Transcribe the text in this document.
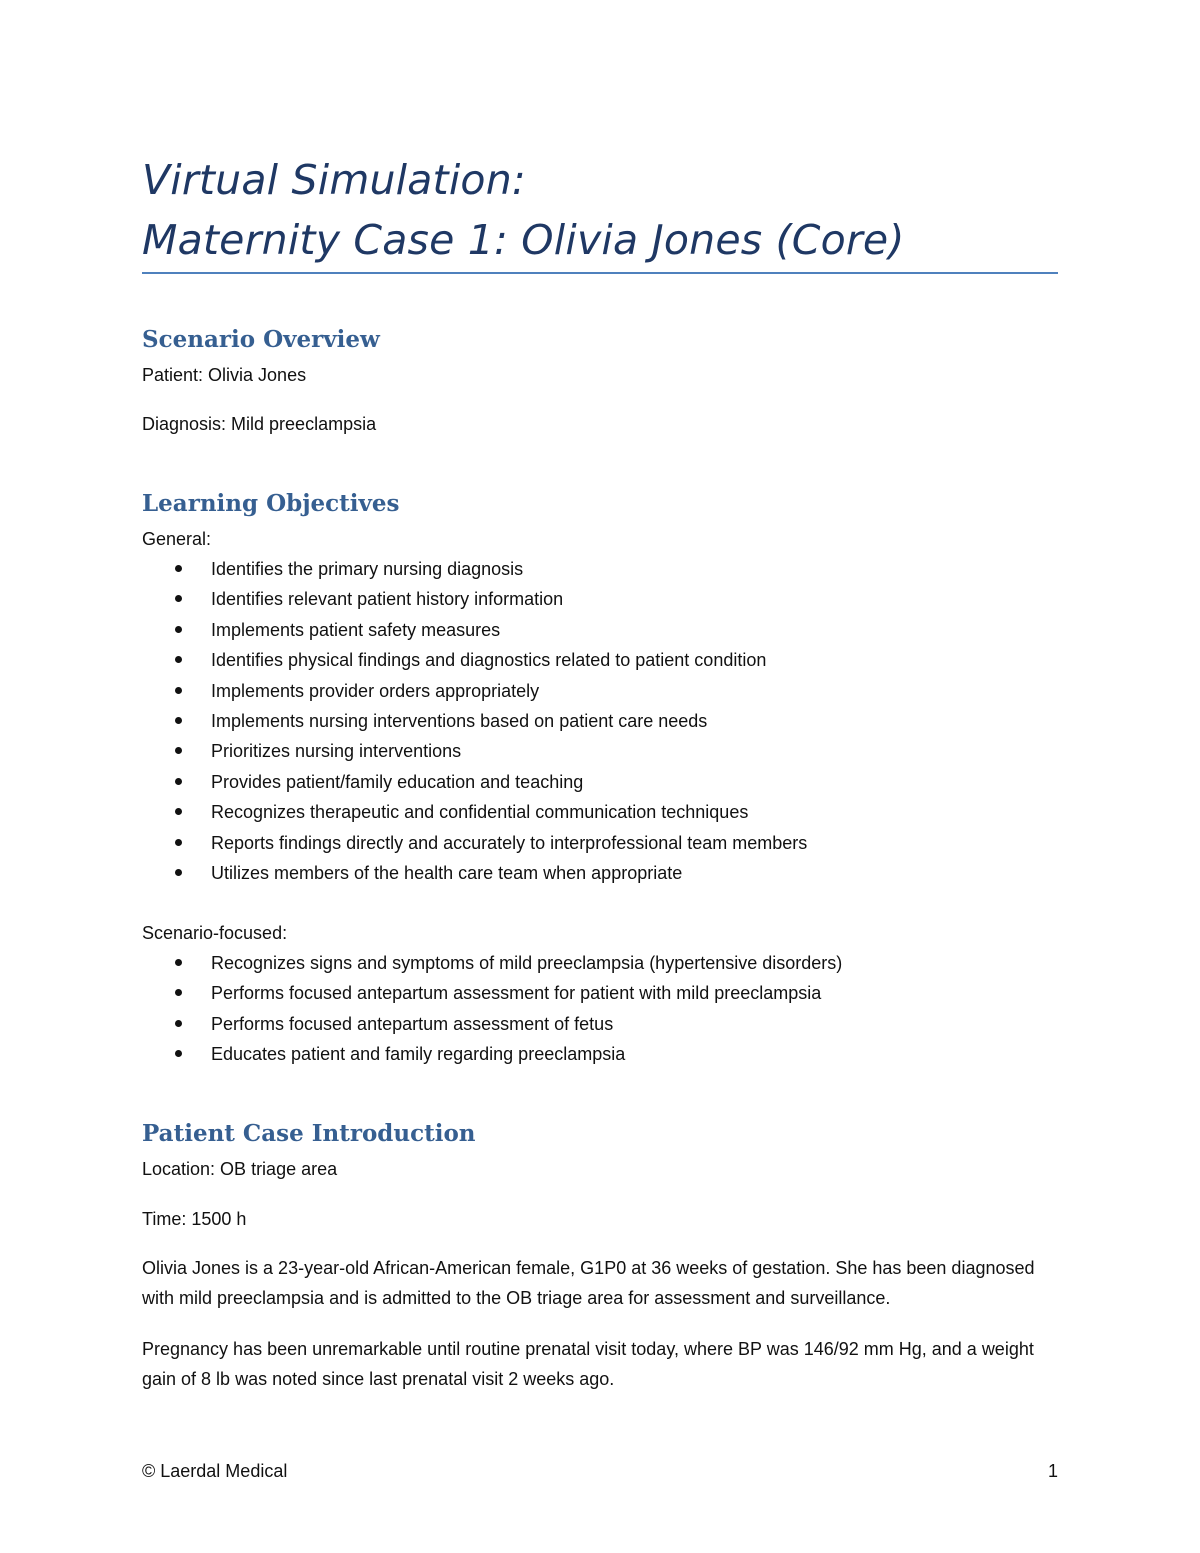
Virtual Simulation:
Maternity Case 1: Olivia Jones (Core)
Scenario Overview
Patient: Olivia Jones
Diagnosis: Mild preeclampsia
Learning Objectives
General:
Identifies the primary nursing diagnosis
Identifies relevant patient history information
Implements patient safety measures
Identifies physical findings and diagnostics related to patient condition
Implements provider orders appropriately
Implements nursing interventions based on patient care needs
Prioritizes nursing interventions
Provides patient/family education and teaching
Recognizes therapeutic and confidential communication techniques
Reports findings directly and accurately to interprofessional team members
Utilizes members of the health care team when appropriate
Scenario-focused:
Recognizes signs and symptoms of mild preeclampsia (hypertensive disorders)
Performs focused antepartum assessment for patient with mild preeclampsia
Performs focused antepartum assessment of fetus
Educates patient and family regarding preeclampsia
Patient Case Introduction
Location: OB triage area
Time: 1500 h
Olivia Jones is a 23-year-old African-American female, G1P0 at 36 weeks of gestation. She has been diagnosed with mild preeclampsia and is admitted to the OB triage area for assessment and surveillance.
Pregnancy has been unremarkable until routine prenatal visit today, where BP was 146/92 mm Hg, and a weight gain of 8 lb was noted since last prenatal visit 2 weeks ago.
© Laerdal Medical	1
